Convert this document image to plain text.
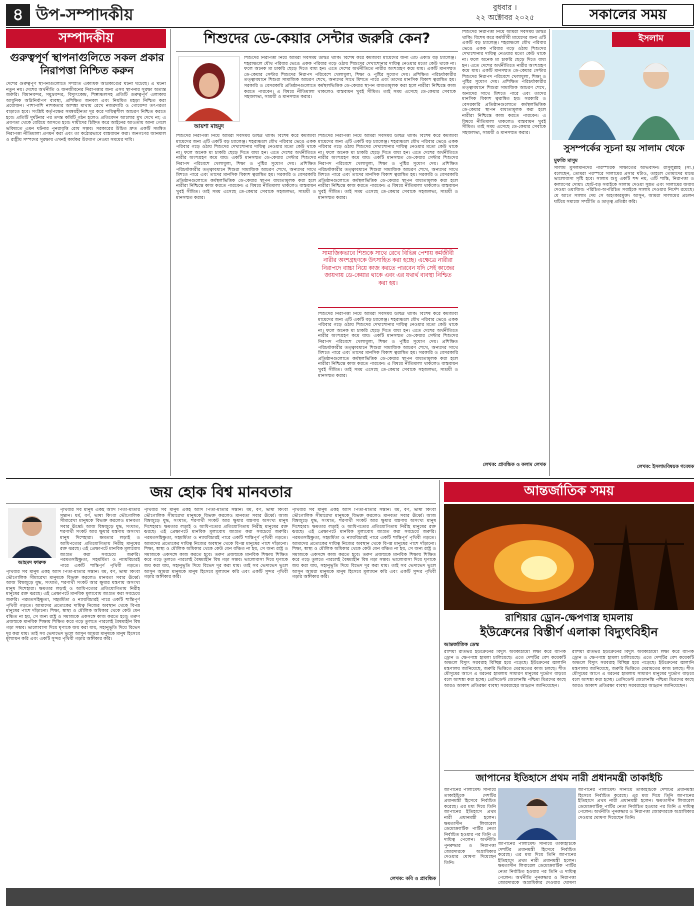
৪ উপ-সম্পাদকীয়	বুধবার ।
২২ অক্টোবর ২০২৫	সকালের সময়
সম্পাদকীয়
গুরুত্বপূর্ণ স্থাপনাগুলিতে সকল প্রকার নিরাপত্তা নিশ্চিত করুন
দেশের গুরুত্বপূর্ণ স্থাপনাগুলোতে সম্প্রতি একাধিক অগ্নিকাণ্ডের ঘটনা ঘটেছে। এ ঘটনা নতুন নয়। দেশের অর্থনীতি ও জনজীবনের নিরাপত্তার জন্য এসব স্থাপনার সুরক্ষা অত্যন্ত জরুরি। বিমানবন্দর, সমুদ্রবন্দর, বিদ্যুৎকেন্দ্র, শিল্পাঞ্চলসহ প্রতিটি গুরুত্বপূর্ণ এলাকায় আধুনিক অগ্নিনির্বাপণ ব্যবস্থা, প্রশিক্ষিত জনবল এবং নিয়মিত মহড়া নিশ্চিত করা প্রয়োজন। পাশাপাশি নাশকতার আশঙ্কা মাথায় রেখে নজরদারি ও গোয়েন্দা তৎপরতা বাড়াতে হবে। সংশ্লিষ্ট কর্তৃপক্ষের সমন্বয়হীনতা দূর করে দায়িত্বশীল আচরণ নিশ্চিত করতে হবে। প্রতিটি দুর্ঘটনার পর তদন্ত কমিটি গঠন হলেও প্রতিবেদন আলোর মুখ দেখে না; এ প্রবণতা থেকে বেরিয়ে আসতে হবে। দায়ীদের চিহ্নিত করে আইনের আওতায় আনা গেলে ভবিষ্যতে এমন ঘটনার পুনরাবৃত্তি রোধ সম্ভব। সরকারের উচিত দ্রুত একটি সমন্বিত নিরাপত্তা নীতিমালা প্রণয়ন করা এবং তা কঠোরভাবে বাস্তবায়ন করা। জনগণের জানমাল ও রাষ্ট্রীয় সম্পদের সুরক্ষায় এখনই কার্যকর উদ্যোগ নেওয়া সময়ের দাবি।
শিশুদের ডে-কেয়ার সেন্টার জরুরি কেন?
আয়শা মাহমুদ
শিশুদের নিরাপত্তা নিয়ে আমরা সবসময় উদ্বিগ্ন থাকি। বিশেষ করে কর্মজীবী মায়েদের জন্য এটি একটি বড় চ্যালেঞ্জ। শহরাঞ্চলে যৌথ পরিবার ভেঙে একক পরিবার গড়ে ওঠায় শিশুদের দেখাশোনার দায়িত্ব নেওয়ার মতো কেউ থাকে না। ফলে অনেক মা চাকরি ছেড়ে দিতে বাধ্য হন। এতে দেশের অর্থনীতিতে নারীর অংশগ্রহণ কমে যায়। একটি মানসম্মত ডে-কেয়ার সেন্টার শিশুদের নিরাপদ পরিবেশে খেলাধুলা, শিক্ষা ও পুষ্টির সুযোগ দেয়। প্রশিক্ষিত পরিচর্যাকারীর তত্ত্বাবধানে শিশুরা সামাজিক আচরণ শেখে, অন্যদের সাথে মিশতে পারে এবং তাদের মানসিক বিকাশ ত্বরান্বিত হয়। সরকারি ও বেসরকারি প্রতিষ্ঠানগুলোতে কর্মস্থলভিত্তিক ডে-কেয়ার স্থাপন বাধ্যতামূলক করা হলে নারীরা নিশ্চিন্তে কাজ করতে পারবেন। এ বিষয়ে নীতিমালা থাকলেও বাস্তবায়ন খুবই সীমিত। তাই সময় এসেছে ডে-কেয়ার সেবাকে সহজলভ্য, সাশ্রয়ী ও মানসম্মত করার।
শিশুদের নিরাপত্তা নিয়ে আমরা সবসময় উদ্বিগ্ন থাকি। বিশেষ করে কর্মজীবী মায়েদের জন্য এটি একটি বড় চ্যালেঞ্জ। শহরাঞ্চলে যৌথ পরিবার ভেঙে একক পরিবার গড়ে ওঠায় শিশুদের দেখাশোনার দায়িত্ব নেওয়ার মতো কেউ থাকে না। ফলে অনেক মা চাকরি ছেড়ে দিতে বাধ্য হন। এতে দেশের অর্থনীতিতে নারীর অংশগ্রহণ কমে যায়। একটি মানসম্মত ডে-কেয়ার সেন্টার শিশুদের নিরাপদ পরিবেশে খেলাধুলা, শিক্ষা ও পুষ্টির সুযোগ দেয়। প্রশিক্ষিত পরিচর্যাকারীর তত্ত্বাবধানে শিশুরা সামাজিক আচরণ শেখে, অন্যদের সাথে মিশতে পারে এবং তাদের মানসিক বিকাশ ত্বরান্বিত হয়। সরকারি ও বেসরকারি প্রতিষ্ঠানগুলোতে কর্মস্থলভিত্তিক ডে-কেয়ার স্থাপন বাধ্যতামূলক করা হলে নারীরা নিশ্চিন্তে কাজ করতে পারবেন। এ বিষয়ে নীতিমালা থাকলেও বাস্তবায়ন খুবই সীমিত। তাই সময় এসেছে ডে-কেয়ার সেবাকে সহজলভ্য, সাশ্রয়ী ও মানসম্মত করার।
সামাজিকভাবে শিশুকে সাথে রেখে বিভিন্ন পেশায় কর্মজীবী নারীর অংশগ্রহণকে উৎসাহিত করা হচ্ছে। এক্ষেত্রে নারীরা নিরাপদে বাচ্চা নিয়ে কাজ করতে পারবেন যদি সেই কাজের জায়গায় ডে-কেয়ার থাকে এবং এর যথার্থ ব্যবস্থা নিশ্চিত করা হয়।
শিশুদের নিরাপত্তা নিয়ে আমরা সবসময় উদ্বিগ্ন থাকি। বিশেষ করে কর্মজীবী মায়েদের জন্য এটি একটি বড় চ্যালেঞ্জ। শহরাঞ্চলে যৌথ পরিবার ভেঙে একক পরিবার গড়ে ওঠায় শিশুদের দেখাশোনার দায়িত্ব নেওয়ার মতো কেউ থাকে না। ফলে অনেক মা চাকরি ছেড়ে দিতে বাধ্য হন। এতে দেশের অর্থনীতিতে নারীর অংশগ্রহণ কমে যায়। একটি মানসম্মত ডে-কেয়ার সেন্টার শিশুদের নিরাপদ পরিবেশে খেলাধুলা, শিক্ষা ও পুষ্টির সুযোগ দেয়। প্রশিক্ষিত পরিচর্যাকারীর তত্ত্বাবধানে শিশুরা সামাজিক আচরণ শেখে, অন্যদের সাথে মিশতে পারে এবং তাদের মানসিক বিকাশ ত্বরান্বিত হয়। সরকারি ও বেসরকারি প্রতিষ্ঠানগুলোতে কর্মস্থলভিত্তিক ডে-কেয়ার স্থাপন বাধ্যতামূলক করা হলে নারীরা নিশ্চিন্তে কাজ করতে পারবেন। এ বিষয়ে নীতিমালা থাকলেও বাস্তবায়ন খুবই সীমিত। তাই সময় এসেছে ডে-কেয়ার সেবাকে সহজলভ্য, সাশ্রয়ী ও মানসম্মত করার।
শিশুদের নিরাপত্তা নিয়ে আমরা সবসময় উদ্বিগ্ন থাকি। বিশেষ করে কর্মজীবী মায়েদের জন্য এটি একটি বড় চ্যালেঞ্জ। শহরাঞ্চলে যৌথ পরিবার ভেঙে একক পরিবার গড়ে ওঠায় শিশুদের দেখাশোনার দায়িত্ব নেওয়ার মতো কেউ থাকে না। ফলে অনেক মা চাকরি ছেড়ে দিতে বাধ্য হন। এতে দেশের অর্থনীতিতে নারীর অংশগ্রহণ কমে যায়। একটি মানসম্মত ডে-কেয়ার সেন্টার শিশুদের নিরাপদ পরিবেশে খেলাধুলা, শিক্ষা ও পুষ্টির সুযোগ দেয়। প্রশিক্ষিত পরিচর্যাকারীর তত্ত্বাবধানে শিশুরা সামাজিক আচরণ শেখে, অন্যদের সাথে মিশতে পারে এবং তাদের মানসিক বিকাশ ত্বরান্বিত হয়। সরকারি ও বেসরকারি প্রতিষ্ঠানগুলোতে কর্মস্থলভিত্তিক ডে-কেয়ার স্থাপন বাধ্যতামূলক করা হলে নারীরা নিশ্চিন্তে কাজ করতে পারবেন। এ বিষয়ে নীতিমালা থাকলেও বাস্তবায়ন খুবই সীমিত। তাই সময় এসেছে ডে-কেয়ার সেবাকে সহজলভ্য, সাশ্রয়ী ও মানসম্মত করার।
শিশুদের নিরাপত্তা নিয়ে আমরা সবসময় উদ্বিগ্ন থাকি। বিশেষ করে কর্মজীবী মায়েদের জন্য এটি একটি বড় চ্যালেঞ্জ। শহরাঞ্চলে যৌথ পরিবার ভেঙে একক পরিবার গড়ে ওঠায় শিশুদের দেখাশোনার দায়িত্ব নেওয়ার মতো কেউ থাকে না। ফলে অনেক মা চাকরি ছেড়ে দিতে বাধ্য হন। এতে দেশের অর্থনীতিতে নারীর অংশগ্রহণ কমে যায়। একটি মানসম্মত ডে-কেয়ার সেন্টার শিশুদের নিরাপদ পরিবেশে খেলাধুলা, শিক্ষা ও পুষ্টির সুযোগ দেয়। প্রশিক্ষিত পরিচর্যাকারীর তত্ত্বাবধানে শিশুরা সামাজিক আচরণ শেখে, অন্যদের সাথে মিশতে পারে এবং তাদের মানসিক বিকাশ ত্বরান্বিত হয়। সরকারি ও বেসরকারি প্রতিষ্ঠানগুলোতে কর্মস্থলভিত্তিক ডে-কেয়ার স্থাপন বাধ্যতামূলক করা হলে নারীরা নিশ্চিন্তে কাজ করতে পারবেন। এ বিষয়ে নীতিমালা থাকলেও বাস্তবায়ন খুবই সীমিত। তাই সময় এসেছে ডে-কেয়ার সেবাকে সহজলভ্য, সাশ্রয়ী ও মানসম্মত করার।
লেখক: প্রাবন্ধিক ও কলাম লেখক
ইসলাম
সুসম্পর্কের সূচনা হয় সালাম থেকে
মুফতি মাসুম
সালাম মুসলমানদের পারস্পরিক সাক্ষাতের অভিবাদন। রাসুলুল্লাহ (সা.) বলেছেন, তোমরা পরস্পরে সালামের প্রসার ঘটাও, তাহলে তোমাদের মাঝে ভালোবাসা সৃষ্টি হবে। সালাম শুধু একটি শব্দ নয়, এটি শান্তি, নিরাপত্তা ও কল্যাণের দোয়া। ছোট-বড় সবাইকে সালাম দেওয়া সুন্নত এবং সালামের জবাব দেওয়া ওয়াজিব। পরিচিত-অপরিচিত সবাইকে সালাম দেওয়ার নির্দেশ রয়েছে। যে আগে সালাম দেয় সে অহংকারমুক্ত। আসুন, আমরা সালামের প্রচলন ঘটিয়ে সমাজে সম্প্রীতি ও ভ্রাতৃত্ব প্রতিষ্ঠা করি।
লেখক: ইসলামবিষয়ক গবেষক
জয় হোক বিশ্ব মানবতার
আহমদ ফারুক
পৃথিবীর সব মানুষ একই আদি পিতা-মাতার সন্তান। ধর্ম, বর্ণ, ভাষা কিংবা ভৌগোলিক সীমারেখা মানুষকে বিভক্ত করলেও মানবতা সবার ঊর্ধ্বে। আজ বিশ্বজুড়ে যুদ্ধ, সংঘাত, শরণার্থী সংকট আর ক্ষুধার যন্ত্রণায় অসংখ্য মানুষ দিশেহারা। ক্ষমতার লড়াই ও আধিপত্যের প্রতিযোগিতায় নিরীহ মানুষের রক্ত ঝরছে। এই প্রেক্ষাপটে মানবিক মূল্যবোধ জাগ্রত করা সবচেয়ে জরুরি। পরমতসহিষ্ণুতা, সহমর্মিতা ও ন্যায়বিচারই পারে একটি শান্তিপূর্ণ পৃথিবী গড়তে।
পৃথিবীর সব মানুষ একই আদি পিতা-মাতার সন্তান। ধর্ম, বর্ণ, ভাষা কিংবা ভৌগোলিক সীমারেখা মানুষকে বিভক্ত করলেও মানবতা সবার ঊর্ধ্বে। আজ বিশ্বজুড়ে যুদ্ধ, সংঘাত, শরণার্থী সংকট আর ক্ষুধার যন্ত্রণায় অসংখ্য মানুষ দিশেহারা। ক্ষমতার লড়াই ও আধিপত্যের প্রতিযোগিতায় নিরীহ মানুষের রক্ত ঝরছে। এই প্রেক্ষাপটে মানবিক মূল্যবোধ জাগ্রত করা সবচেয়ে জরুরি। পরমতসহিষ্ণুতা, সহমর্মিতা ও ন্যায়বিচারই পারে একটি শান্তিপূর্ণ পৃথিবী গড়তে। আমাদের প্রত্যেকের দায়িত্ব নিজের অবস্থান থেকে বিপন্ন মানুষের পাশে দাঁড়ানো। শিক্ষা, স্বাস্থ্য ও মৌলিক অধিকার থেকে কেউ যেন বঞ্চিত না হয়, সে জন্য রাষ্ট্র ও সমাজকে একসঙ্গে কাজ করতে হবে। তরুণ প্রজন্মকে মানবিক শিক্ষায় শিক্ষিত করে গড়ে তুলতে পারলেই বৈষম্যহীন বিশ্ব গড়া সম্ভব। ভালোবাসা দিয়ে ঘৃণাকে জয় করা যায়, সহানুভূতি দিয়ে বিভেদ দূর করা যায়। তাই সব ভেদাভেদ ভুলে আসুন আমরা মানুষকে মানুষ হিসেবে মূল্যায়ন করি এবং একটি সুন্দর পৃথিবী গড়ার অঙ্গীকার করি।
পৃথিবীর সব মানুষ একই আদি পিতা-মাতার সন্তান। ধর্ম, বর্ণ, ভাষা কিংবা ভৌগোলিক সীমারেখা মানুষকে বিভক্ত করলেও মানবতা সবার ঊর্ধ্বে। আজ বিশ্বজুড়ে যুদ্ধ, সংঘাত, শরণার্থী সংকট আর ক্ষুধার যন্ত্রণায় অসংখ্য মানুষ দিশেহারা। ক্ষমতার লড়াই ও আধিপত্যের প্রতিযোগিতায় নিরীহ মানুষের রক্ত ঝরছে। এই প্রেক্ষাপটে মানবিক মূল্যবোধ জাগ্রত করা সবচেয়ে জরুরি। পরমতসহিষ্ণুতা, সহমর্মিতা ও ন্যায়বিচারই পারে একটি শান্তিপূর্ণ পৃথিবী গড়তে। আমাদের প্রত্যেকের দায়িত্ব নিজের অবস্থান থেকে বিপন্ন মানুষের পাশে দাঁড়ানো। শিক্ষা, স্বাস্থ্য ও মৌলিক অধিকার থেকে কেউ যেন বঞ্চিত না হয়, সে জন্য রাষ্ট্র ও সমাজকে একসঙ্গে কাজ করতে হবে। তরুণ প্রজন্মকে মানবিক শিক্ষায় শিক্ষিত করে গড়ে তুলতে পারলেই বৈষম্যহীন বিশ্ব গড়া সম্ভব। ভালোবাসা দিয়ে ঘৃণাকে জয় করা যায়, সহানুভূতি দিয়ে বিভেদ দূর করা যায়। তাই সব ভেদাভেদ ভুলে আসুন আমরা মানুষকে মানুষ হিসেবে মূল্যায়ন করি এবং একটি সুন্দর পৃথিবী গড়ার অঙ্গীকার করি।
পৃথিবীর সব মানুষ একই আদি পিতা-মাতার সন্তান। ধর্ম, বর্ণ, ভাষা কিংবা ভৌগোলিক সীমারেখা মানুষকে বিভক্ত করলেও মানবতা সবার ঊর্ধ্বে। আজ বিশ্বজুড়ে যুদ্ধ, সংঘাত, শরণার্থী সংকট আর ক্ষুধার যন্ত্রণায় অসংখ্য মানুষ দিশেহারা। ক্ষমতার লড়াই ও আধিপত্যের প্রতিযোগিতায় নিরীহ মানুষের রক্ত ঝরছে। এই প্রেক্ষাপটে মানবিক মূল্যবোধ জাগ্রত করা সবচেয়ে জরুরি। পরমতসহিষ্ণুতা, সহমর্মিতা ও ন্যায়বিচারই পারে একটি শান্তিপূর্ণ পৃথিবী গড়তে। আমাদের প্রত্যেকের দায়িত্ব নিজের অবস্থান থেকে বিপন্ন মানুষের পাশে দাঁড়ানো। শিক্ষা, স্বাস্থ্য ও মৌলিক অধিকার থেকে কেউ যেন বঞ্চিত না হয়, সে জন্য রাষ্ট্র ও সমাজকে একসঙ্গে কাজ করতে হবে। তরুণ প্রজন্মকে মানবিক শিক্ষায় শিক্ষিত করে গড়ে তুলতে পারলেই বৈষম্যহীন বিশ্ব গড়া সম্ভব। ভালোবাসা দিয়ে ঘৃণাকে জয় করা যায়, সহানুভূতি দিয়ে বিভেদ দূর করা যায়। তাই সব ভেদাভেদ ভুলে আসুন আমরা মানুষকে মানুষ হিসেবে মূল্যায়ন করি এবং একটি সুন্দর পৃথিবী গড়ার অঙ্গীকার করি।
লেখক: কবি ও প্রাবন্ধিক
আন্তর্জাতিক সময়
রাশিয়ার ড্রোন-ক্ষেপণাস্ত্র হামলায়
ইউক্রেনের বিস্তীর্ণ এলাকা বিদ্যুৎবিহীন
আন্তর্জাতিক ডেস্ক
রাশিয়া রাতভর ইউক্রেনের বিদ্যুৎ অবকাঠামো লক্ষ্য করে ব্যাপক ড্রোন ও ক্ষেপণাস্ত্র হামলা চালিয়েছে। এতে দেশটির বেশ কয়েকটি অঞ্চলে বিদ্যুৎ সরবরাহ বিচ্ছিন্ন হয়ে পড়েছে। ইউক্রেনের জ্বালানি মন্ত্রণালয় জানিয়েছে, জরুরি ভিত্তিতে মেরামতের কাজ চলছে। শীত মৌসুমের আগে এ ধরনের হামলায় সাধারণ মানুষের দুর্ভোগ বাড়বে বলে আশঙ্কা করা হচ্ছে। প্রেসিডেন্ট জেলেনস্কি পশ্চিমা মিত্রদের কাছে আরও আকাশ প্রতিরক্ষা ব্যবস্থা সরবরাহের আহ্বান জানিয়েছেন।
রাশিয়া রাতভর ইউক্রেনের বিদ্যুৎ অবকাঠামো লক্ষ্য করে ব্যাপক ড্রোন ও ক্ষেপণাস্ত্র হামলা চালিয়েছে। এতে দেশটির বেশ কয়েকটি অঞ্চলে বিদ্যুৎ সরবরাহ বিচ্ছিন্ন হয়ে পড়েছে। ইউক্রেনের জ্বালানি মন্ত্রণালয় জানিয়েছে, জরুরি ভিত্তিতে মেরামতের কাজ চলছে। শীত মৌসুমের আগে এ ধরনের হামলায় সাধারণ মানুষের দুর্ভোগ বাড়বে বলে আশঙ্কা করা হচ্ছে। প্রেসিডেন্ট জেলেনস্কি পশ্চিমা মিত্রদের কাছে আরও আকাশ প্রতিরক্ষা ব্যবস্থা সরবরাহের আহ্বান জানিয়েছেন।
জাপানের ইতিহাসে প্রথম নারী প্রধানমন্ত্রী তাকাইচি
জাপানের পার্লামেন্ট সানায়ে তাকাইচিকে দেশটির প্রধানমন্ত্রী হিসেবে নির্বাচিত করেছে। এর মধ্য দিয়ে তিনি জাপানের ইতিহাসে প্রথম নারী প্রধানমন্ত্রী হলেন। ক্ষমতাসীন লিবারেল ডেমোক্র্যাটিক পার্টির নেতা নির্বাচিত হওয়ার পর তিনি এ দায়িত্ব পেলেন। অর্থনীতি পুনরুদ্ধার ও নিরাপত্তা জোরদারকে অগ্রাধিকার দেওয়ার ঘোষণা দিয়েছেন তিনি।
জাপানের পার্লামেন্ট সানায়ে তাকাইচিকে দেশটির প্রধানমন্ত্রী হিসেবে নির্বাচিত করেছে। এর মধ্য দিয়ে তিনি জাপানের ইতিহাসে প্রথম নারী প্রধানমন্ত্রী হলেন। ক্ষমতাসীন লিবারেল ডেমোক্র্যাটিক পার্টির নেতা নির্বাচিত হওয়ার পর তিনি এ দায়িত্ব পেলেন। অর্থনীতি পুনরুদ্ধার ও নিরাপত্তা জোরদারকে অগ্রাধিকার দেওয়ার ঘোষণা দিয়েছেন তিনি।
জাপানের পার্লামেন্ট সানায়ে তাকাইচিকে দেশটির প্রধানমন্ত্রী হিসেবে নির্বাচিত করেছে। এর মধ্য দিয়ে তিনি জাপানের ইতিহাসে প্রথম নারী প্রধানমন্ত্রী হলেন। ক্ষমতাসীন লিবারেল ডেমোক্র্যাটিক পার্টির নেতা নির্বাচিত হওয়ার পর তিনি এ দায়িত্ব পেলেন। অর্থনীতি পুনরুদ্ধার ও নিরাপত্তা জোরদারকে অগ্রাধিকার দেওয়ার ঘোষণা
